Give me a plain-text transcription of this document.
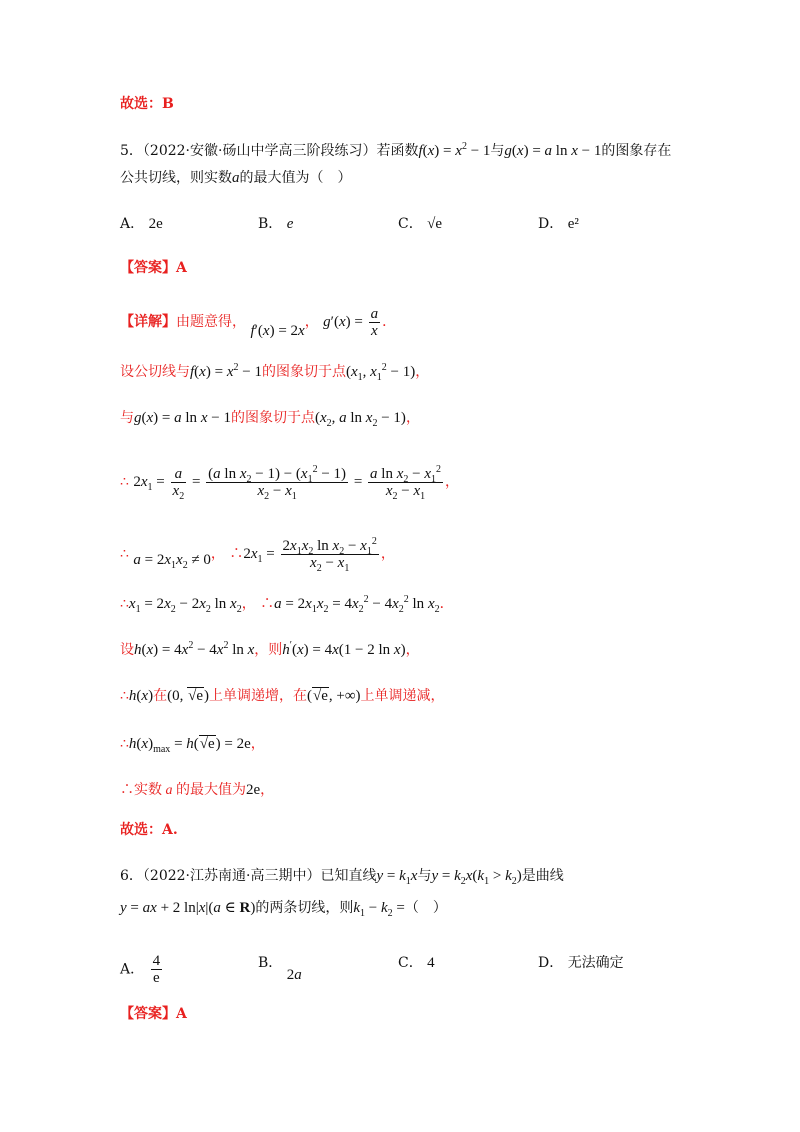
故选：B
5．（2022·安徽·砀山中学高三阶段练习）若函数$f(x) = x^2 - 1$与g(x) = a ln x − 1的图象存在
公共切线，则实数a的最大值为（　）
A． 2e	B． e	C． √e	D． e²
【答案】A
【详解】由题意得， f′(x) = 2x， $g'(x) = \frac{a}{x}$ ．
设公切线与$f(x) = x^2 - 1$的图象切于点($x_1$, $x_1^2 - 1$)，
与g(x) = a ln x − 1的图象切于点($x_2$, a $\ln x_2 - 1$)，
∴ $2x_1 = \frac{a}{x_2} = \frac{(a \ln x_2 - 1) - (x_1^2 - 1)}{x_2 - x_1} = \frac{a \ln x_2 - x_1^2}{x_2 - x_1}$ ，
∴ $a = 2x_1x_2 \ne 0$， $\therefore 2x_1 = \frac{2x_1x_2 \ln x_2 - x_1^2}{x_2 - x_1}$ ，
$\therefore x_1 = 2x_2 - 2x_2$ $\ln x_2$， ∴a = $2x_1x_2 = 4x_2^2 - 4x_2^2$ $\ln x_2$．
设$h(x) = 4x^2 - 4x^2$ ln x，则h′(x) = 4x(1 − 2 ln x)，
∴h(x)在(0, √e)上单调递增，在(√e, +∞)上单调递减，
$\therefore h(x)_{max} = h(√e) = 2e$，
∴实数 a 的最大值为2e，
故选：A.
6．（2022·江苏南通·高三期中）已知直线$y = k_1x$与$y = k_2x(k_1 > k_2)$是曲线
y = ax + 2 ln|x|(a ∈ R)的两条切线，则$k_1 - k_2$ =（　）
A． $\frac{4}{e}$	B． 2a
C． 4	D． 无法确定
【答案】A
